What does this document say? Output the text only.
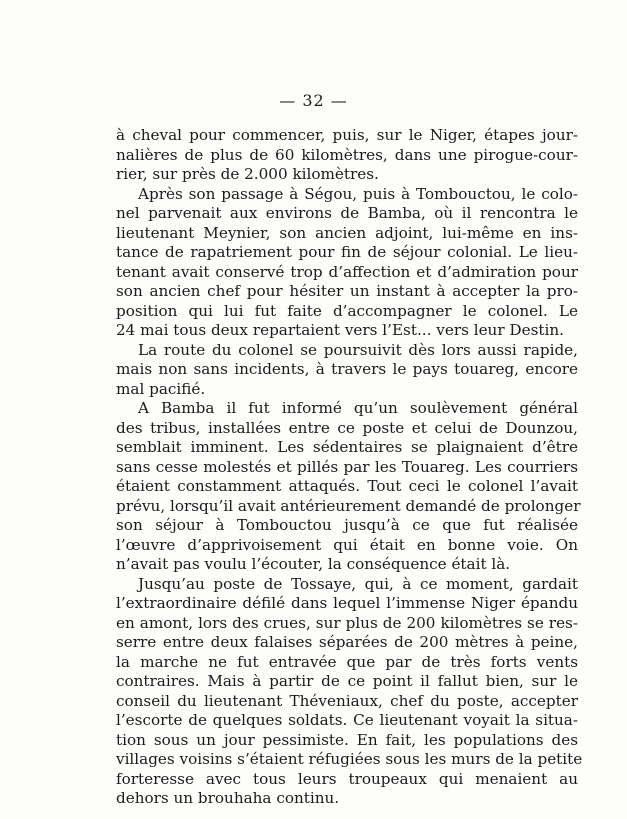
— 32 —
à cheval pour commencer, puis, sur le Niger, étapes jour-
nalières de plus de 60 kilomètres, dans une pirogue-cour-
rier, sur près de 2.000 kilomètres.
Après son passage à Ségou, puis à Tombouctou, le colo-
nel parvenait aux environs de Bamba, où il rencontra le
lieutenant Meynier, son ancien adjoint, lui-même en ins-
tance de rapatriement pour fin de séjour colonial. Le lieu-
tenant avait conservé trop d’affection et d’admiration pour
son ancien chef pour hésiter un instant à accepter la pro-
position qui lui fut faite d’accompagner le colonel. Le
24 mai tous deux repartaient vers l’Est... vers leur Destin.
La route du colonel se poursuivit dès lors aussi rapide,
mais non sans incidents, à travers le pays touareg, encore
mal pacifié.
A Bamba il fut informé qu’un soulèvement général
des tribus, installées entre ce poste et celui de Dounzou,
semblait imminent. Les sédentaires se plaignaient d’être
sans cesse molestés et pillés par les Touareg. Les courriers
étaient constamment attaqués. Tout ceci le colonel l’avait
prévu, lorsqu’il avait antérieurement demandé de prolonger
son séjour à Tombouctou jusqu’à ce que fut réalisée
l’œuvre d’apprivoisement qui était en bonne voie. On
n’avait pas voulu l’écouter, la conséquence était là.
Jusqu’au poste de Tossaye, qui, à ce moment, gardait
l’extraordinaire défilé dans lequel l’immense Niger épandu
en amont, lors des crues, sur plus de 200 kilomètres se res-
serre entre deux falaises séparées de 200 mètres à peine,
la marche ne fut entravée que par de très forts vents
contraires. Mais à partir de ce point il fallut bien, sur le
conseil du lieutenant Théveniaux, chef du poste, accepter
l’escorte de quelques soldats. Ce lieutenant voyait la situa-
tion sous un jour pessimiste. En fait, les populations des
villages voisins s’étaient réfugiées sous les murs de la petite
forteresse avec tous leurs troupeaux qui menaient au
dehors un brouhaha continu.
